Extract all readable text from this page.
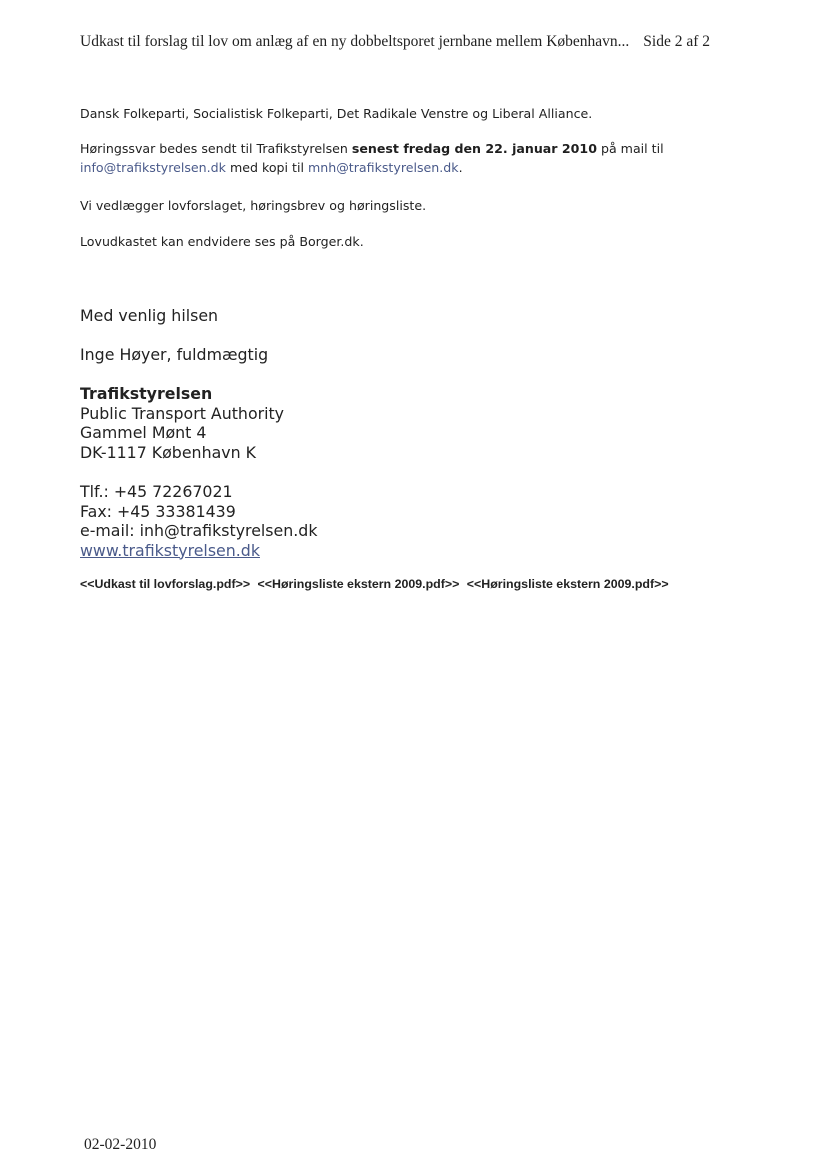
Udkast til forslag til lov om anlæg af en ny dobbeltsporet jernbane mellem København... Side 2 af 2
Dansk Folkeparti, Socialistisk Folkeparti, Det Radikale Venstre og Liberal Alliance.
Høringssvar bedes sendt til Trafikstyrelsen senest fredag den 22. januar 2010 på mail til
info@trafikstyrelsen.dk med kopi til mnh@trafikstyrelsen.dk.
Vi vedlægger lovforslaget, høringsbrev og høringsliste.
Lovudkastet kan endvidere ses på Borger.dk.
Med venlig hilsen
Inge Høyer, fuldmægtig
Trafikstyrelsen
Public Transport Authority
Gammel Mønt 4
DK-1117 København K
Tlf.: +45 72267021
Fax: +45 33381439
e-mail: inh@trafikstyrelsen.dk
www.trafikstyrelsen.dk
<<Udkast til lovforslag.pdf>> <<Høringsliste ekstern 2009.pdf>> <<Høringsliste ekstern 2009.pdf>>
02-02-2010
